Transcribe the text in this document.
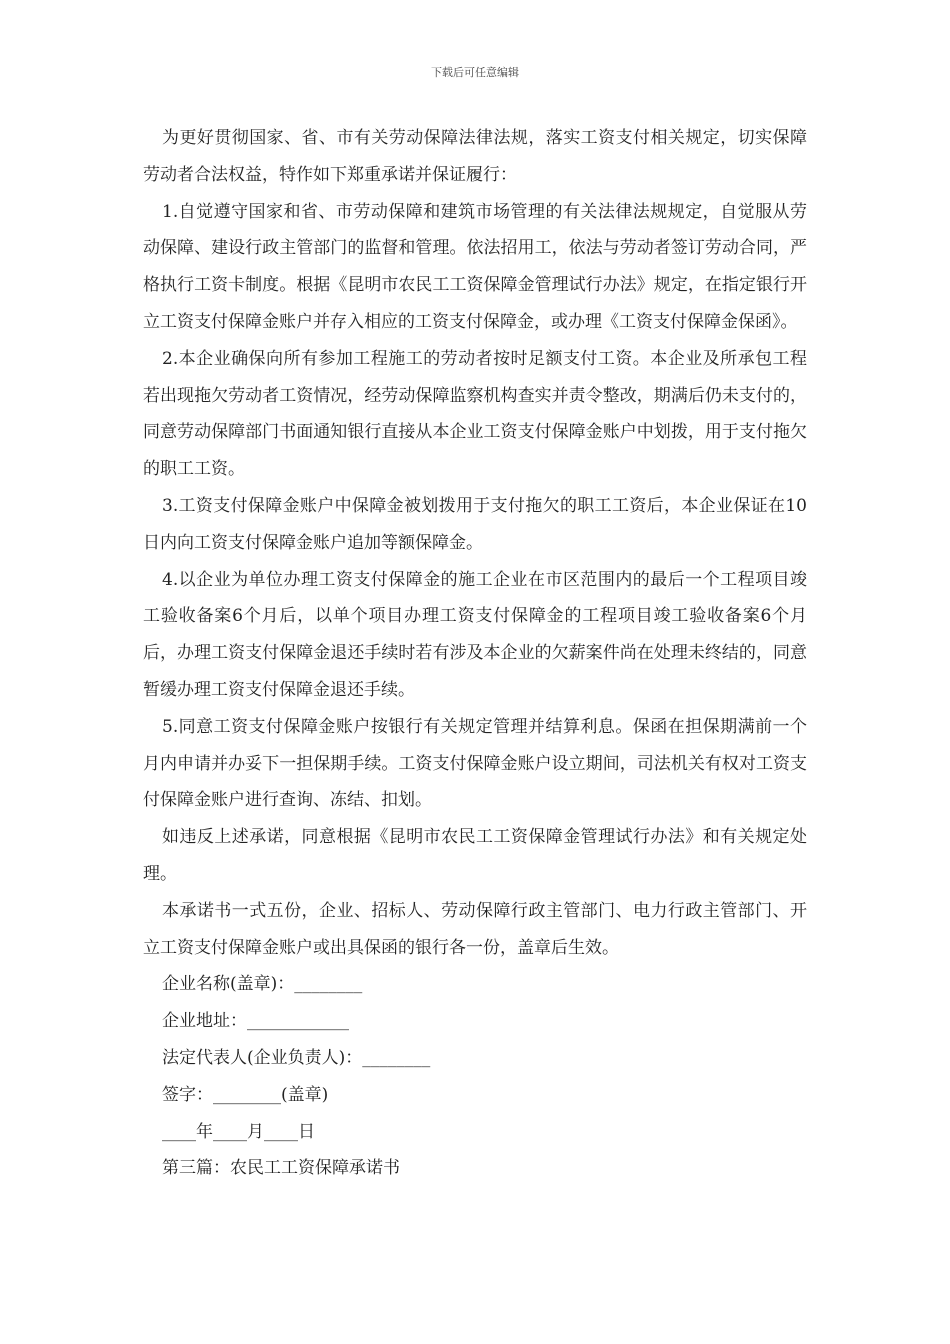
下载后可任意编辑

为更好贯彻国家、省、市有关劳动保障法律法规，落实工资支付相关规定，切实保障劳动者合法权益，特作如下郑重承诺并保证履行：

1.自觉遵守国家和省、市劳动保障和建筑市场管理的有关法律法规规定，自觉服从劳动保障、建设行政主管部门的监督和管理。依法招用工，依法与劳动者签订劳动合同，严格执行工资卡制度。根据《昆明市农民工工资保障金管理试行办法》规定，在指定银行开立工资支付保障金账户并存入相应的工资支付保障金，或办理《工资支付保障金保函》。

2.本企业确保向所有参加工程施工的劳动者按时足额支付工资。本企业及所承包工程若出现拖欠劳动者工资情况，经劳动保障监察机构查实并责令整改，期满后仍未支付的，同意劳动保障部门书面通知银行直接从本企业工资支付保障金账户中划拨，用于支付拖欠的职工工资。

3.工资支付保障金账户中保障金被划拨用于支付拖欠的职工工资后，本企业保证在10日内向工资支付保障金账户追加等额保障金。

4.以企业为单位办理工资支付保障金的施工企业在市区范围内的最后一个工程项目竣工验收备案6个月后，以单个项目办理工资支付保障金的工程项目竣工验收备案6个月后，办理工资支付保障金退还手续时若有涉及本企业的欠薪案件尚在处理未终结的，同意暂缓办理工资支付保障金退还手续。

5.同意工资支付保障金账户按银行有关规定管理并结算利息。保函在担保期满前一个月内申请并办妥下一担保期手续。工资支付保障金账户设立期间，司法机关有权对工资支付保障金账户进行查询、冻结、扣划。

如违反上述承诺，同意根据《昆明市农民工工资保障金管理试行办法》和有关规定处理。

本承诺书一式五份，企业、招标人、劳动保障行政主管部门、电力行政主管部门、开立工资支付保障金账户或出具保函的银行各一份，盖章后生效。

企业名称(盖章)：________

企业地址：____________

法定代表人(企业负责人)：________

签字：________(盖章)

____年____月____日

第三篇：农民工工资保障承诺书
